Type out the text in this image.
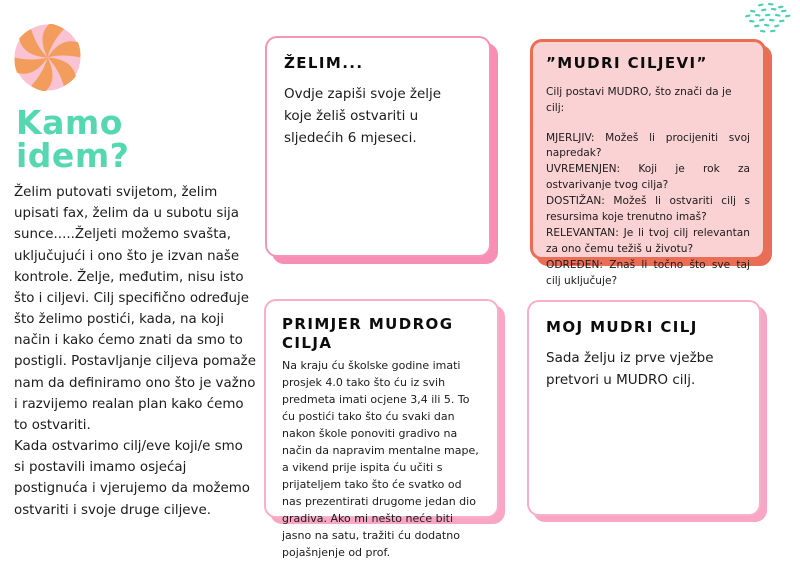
Kamo
idem?

Želim putovati svijetom, želim upisati fax, želim da u subotu sija sunce.....Željeti možemo svašta, uključujući i ono što je izvan naše kontrole. Želje, međutim, nisu isto što i ciljevi. Cilj specifično određuje što želimo postići, kada, na koji način i kako ćemo znati da smo to postigli. Postavljanje ciljeva pomaže nam da definiramo ono što je važno i razvijemo realan plan kako ćemo to ostvariti.

Kada ostvarimo cilj/eve koji/e smo si postavili imamo osjećaj postignuća i vjerujemo da možemo ostvariti i svoje druge ciljeve.

ŽELIM...

Ovdje zapiši svoje želje koje želiš ostvariti u sljedećih 6 mjeseci.

”MUDRI CILJEVI”

Cilj postavi MUDRO, što znači da je cilj:

MJERLJIV: Možeš li procijeniti svoj napredak?

UVREMENJEN: Koji je rok za ostvarivanje tvog cilja?

DOSTIŽAN: Možeš li ostvariti cilj s resursima koje trenutno imaš?

RELEVANTAN: Je li tvoj cilj relevantan za ono čemu težiš u životu?

ODREĐEN: Znaš li točno što sve taj cilj uključuje?

PRIMJER MUDROG CILJA

Na kraju ću školske godine imati prosjek 4.0 tako što ću iz svih predmeta imati ocjene 3,4 ili 5. To ću postići tako što ću svaki dan nakon škole ponoviti gradivo na način da napravim mentalne mape, a vikend prije ispita ću učiti s prijateljem tako što će svatko od nas prezentirati drugome jedan dio gradiva. Ako mi nešto neće biti jasno na satu, tražiti ću dodatno pojašnjenje od prof.

MOJ MUDRI CILJ

Sada želju iz prve vježbe pretvori u MUDRO cilj.
